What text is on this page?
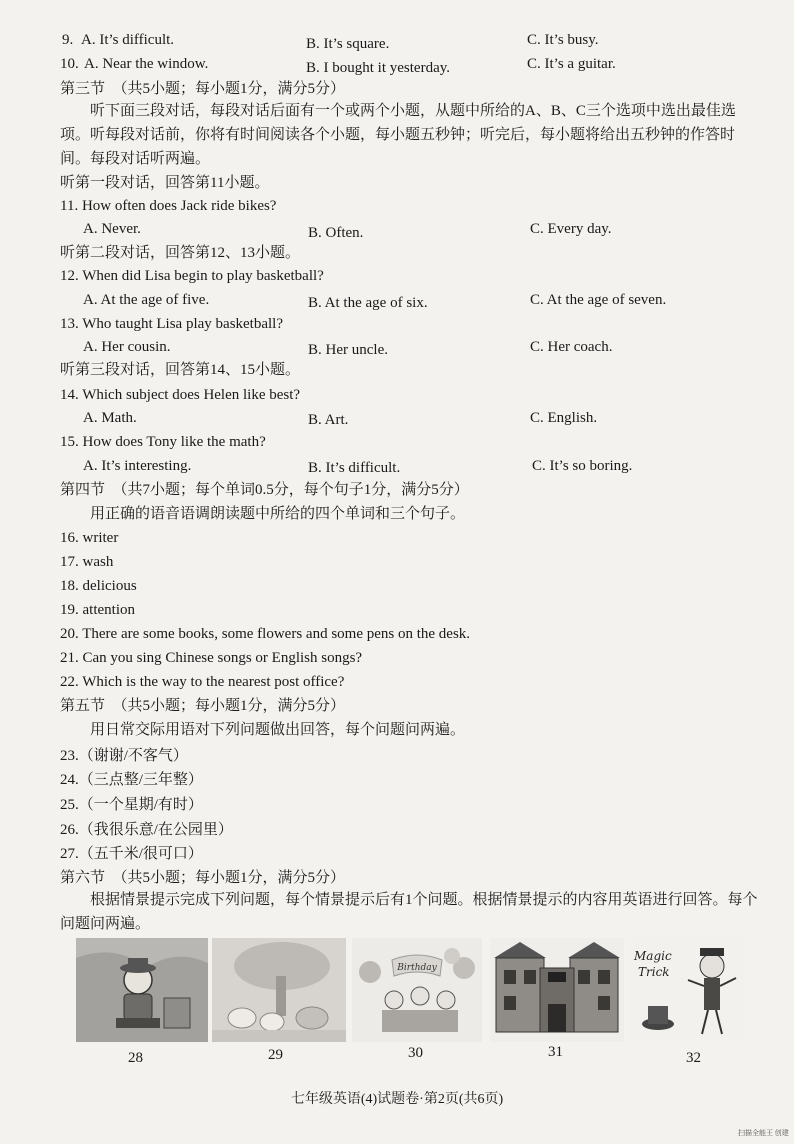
9. A. It’s difficult.	B. It’s square.	C. It’s busy.
10. A. Near the window.	B. I bought it yesterday.	C. It’s a guitar.
第三节　（共5小题；每小题1分，满分5分）
听下面三段对话，每段对话后面有一个或两个小题，从题中所给的A、B、C三个选项中选出最佳选项。听每段对话前，你将有时间阅读各个小题，每小题五秒钟；听完后，每小题将给出五秒钟的作答时间。每段对话听两遍。
听第一段对话，回答第11小题。
11. How often does Jack ride bikes?
A. Never.	B. Often.	C. Every day.
听第二段对话，回答第12、13小题。
12. When did Lisa begin to play basketball?
A. At the age of five.	B. At the age of six.	C. At the age of seven.
13. Who taught Lisa play basketball?
A. Her cousin.	B. Her uncle.	C. Her coach.
听第三段对话，回答第14、15小题。
14. Which subject does Helen like best?
A. Math.	B. Art.	C. English.
15. How does Tony like the math?
A. It’s interesting.	B. It’s difficult.	C. It’s so boring.
第四节　（共7小题；每个单词0.5分，每个句子1分，满分5分）
用正确的语音语调朗读题中所给的四个单词和三个句子。
16. writer
17. wash
18. delicious
19. attention
20. There are some books, some flowers and some pens on the desk.
21. Can you sing Chinese songs or English songs?
22. Which is the way to the nearest post office?
第五节　（共5小题；每小题1分，满分5分）
用日常交际用语对下列问题做出回答，每个问题问两遍。
23.（谢谢/不客气）
24.（三点整/三年整）
25.（一个星期/有时）
26.（我很乐意/在公园里）
27.（五千米/很可口）
第六节　（共5小题；每小题1分，满分5分）
根据情景提示完成下列问题，每个情景提示后有1个问题。根据情景提示的内容用英语进行回答。每个问题问两遍。
Birthday
Magic
Trick
28	29	30	31	32
七年级英语(4)试题卷·第2页(共6页)
扫描全能王 创建
